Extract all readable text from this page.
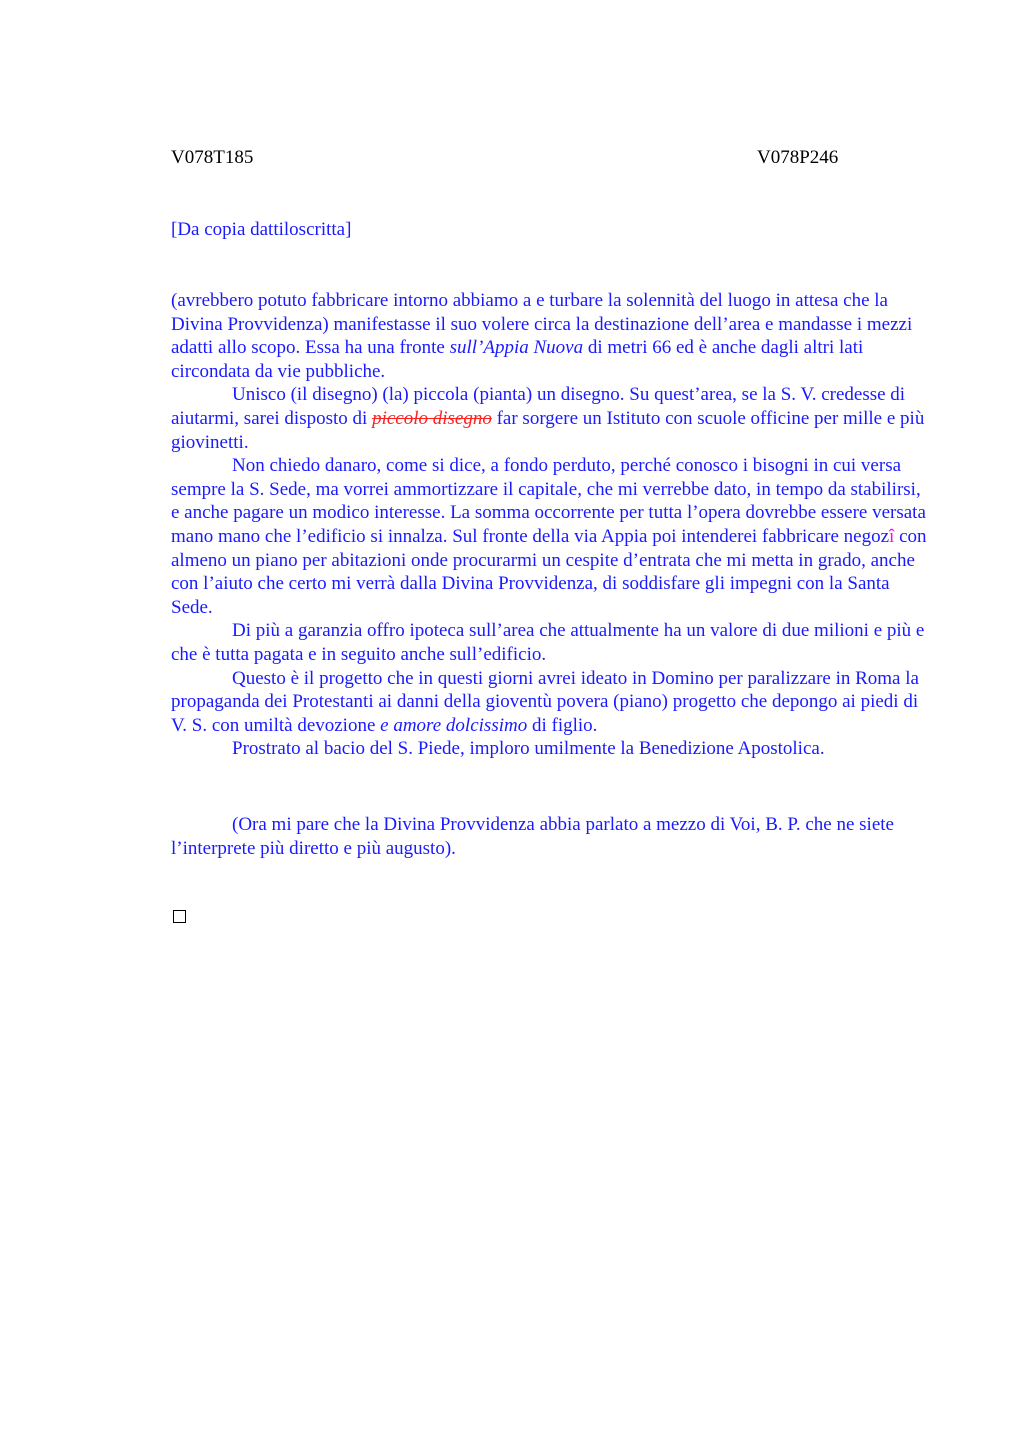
V078T185	V078P246
[Da copia dattiloscritta]

(avrebbero potuto fabbricare intorno abbiamo a e turbare la solennità del luogo in attesa che la Divina Provvidenza) manifestasse il suo volere circa la destinazione dell’area e mandasse i mezzi adatti allo scopo. Essa ha una fronte sull’Appia Nuova di metri 66 ed è anche dagli altri lati circondata da vie pubbliche.

Unisco (il disegno) (la) piccola (pianta) un disegno. Su quest’area, se la S. V. credesse di aiutarmi, sarei disposto di piccolo disegno far sorgere un Istituto con scuole officine per mille e più giovinetti.

Non chiedo danaro, come si dice, a fondo perduto, perché conosco i bisogni in cui versa sempre la S. Sede, ma vorrei ammortizzare il capitale, che mi verrebbe dato, in tempo da stabilirsi, e anche pagare un modico interesse. La somma occorrente per tutta l’opera dovrebbe essere versata mano mano che l’edificio si innalza. Sul fronte della via Appia poi intenderei fabbricare negozî con almeno un piano per abitazioni onde procurarmi un cespite d’entrata che mi metta in grado, anche con l’aiuto che certo mi verrà dalla Divina Provvidenza, di soddisfare gli impegni con la Santa Sede.

Di più a garanzia offro ipoteca sull’area che attualmente ha un valore di due milioni e più e che è tutta pagata e in seguito anche sull’edificio.

Questo è il progetto che in questi giorni avrei ideato in Domino per paralizzare in Roma la propaganda dei Protestanti ai danni della gioventù povera (piano) progetto che depongo ai piedi di V. S. con umiltà devozione e amore dolcissimo di figlio.

Prostrato al bacio del S. Piede, imploro umilmente la Benedizione Apostolica.

(Ora mi pare che la Divina Provvidenza abbia parlato a mezzo di Voi, B. P. che ne siete l’interprete più diretto e più augusto).
